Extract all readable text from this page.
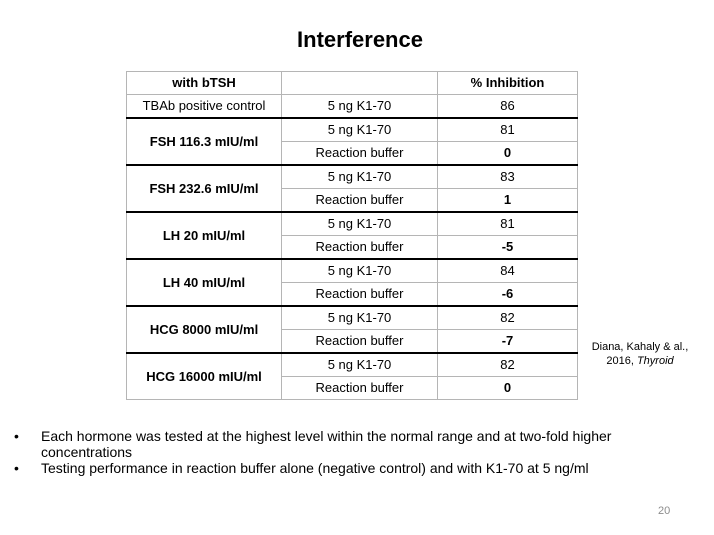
Interference
with bTSH		% Inhibition
TBAb positive control	5 ng K1-70	86
FSH 116.3 mIU/ml	5 ng K1-70	81
	Reaction buffer	0
FSH 232.6 mIU/ml	5 ng K1-70	83
	Reaction buffer	1
LH 20 mIU/ml	5 ng K1-70	81
	Reaction buffer	-5
LH 40 mIU/ml	5 ng K1-70	84
	Reaction buffer	-6
HCG 8000 mIU/ml	5 ng K1-70	82
	Reaction buffer	-7
HCG 16000 mIU/ml	5 ng K1-70	82
	Reaction buffer	0
Diana, Kahaly & al.,
2016, Thyroid
• Each hormone was tested at the highest level within the normal range and at two-fold higher concentrations
• Testing performance in reaction buffer alone (negative control) and with K1-70 at 5 ng/ml
20
